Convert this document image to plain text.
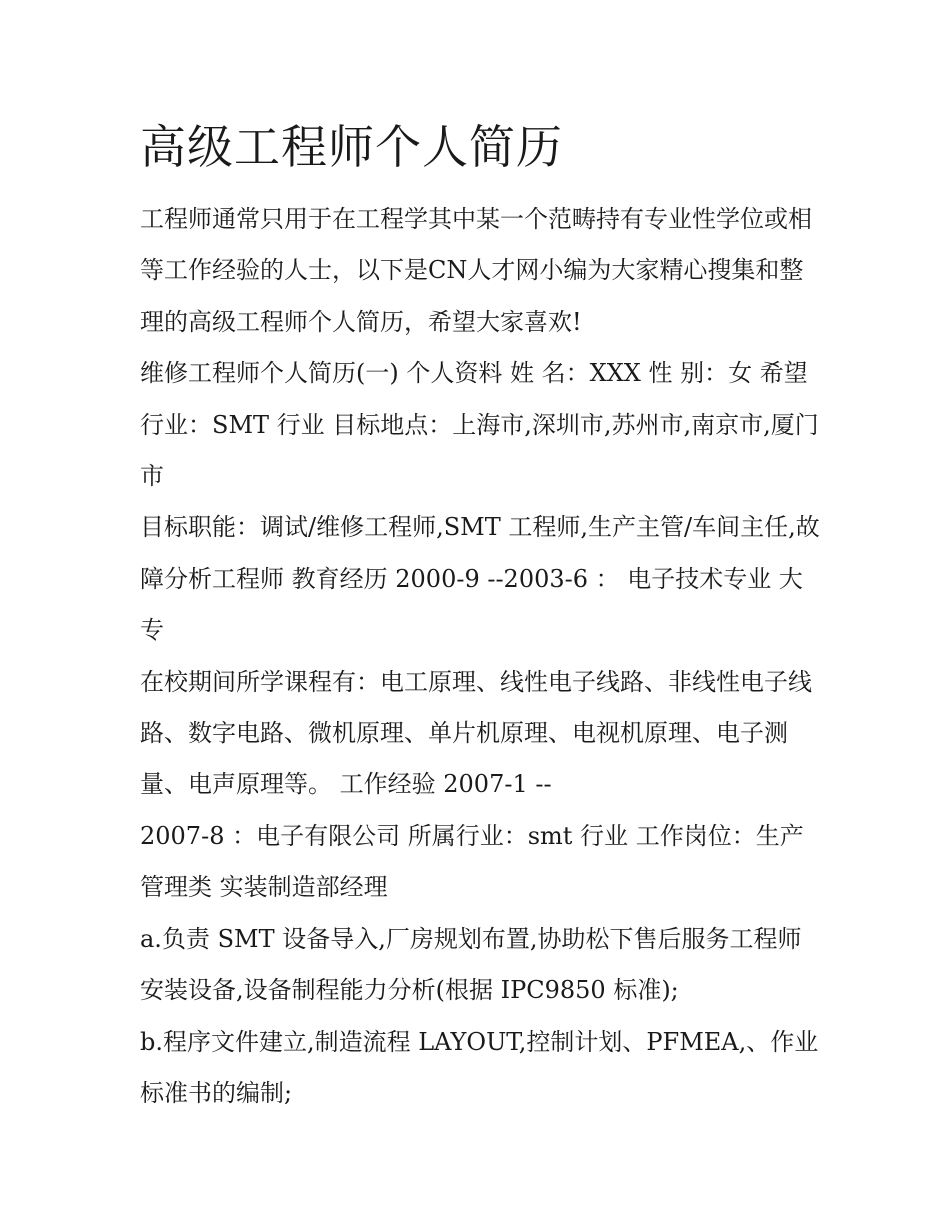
高级工程师个人简历

工程师通常只用于在工程学其中某一个范畴持有专业性学位或相等工作经验的人士，以下是CN人才网小编为大家精心搜集和整理的高级工程师个人简历，希望大家喜欢!

维修工程师个人简历(一) 个人资料 姓 名：XXX 性 别：女 希望行业：SMT 行业 目标地点：上海市,深圳市,苏州市,南京市,厦门市

目标职能：调试/维修工程师,SMT 工程师,生产主管/车间主任,故障分析工程师 教育经历 2000-9 --2003-6 ： 电子技术专业 大专

在校期间所学课程有：电工原理、线性电子线路、非线性电子线路、数字电路、微机原理、单片机原理、电视机原理、电子测量、电声原理等。 工作经验 2007-1 --

2007-8 ：电子有限公司 所属行业：smt 行业 工作岗位：生产管理类 实装制造部经理

a.负责 SMT 设备导入,厂房规划布置,协助松下售后服务工程师安装设备,设备制程能力分析(根据 IPC9850 标准);

b.程序文件建立,制造流程 LAYOUT,控制计划、PFMEA,、作业标准书的编制;
